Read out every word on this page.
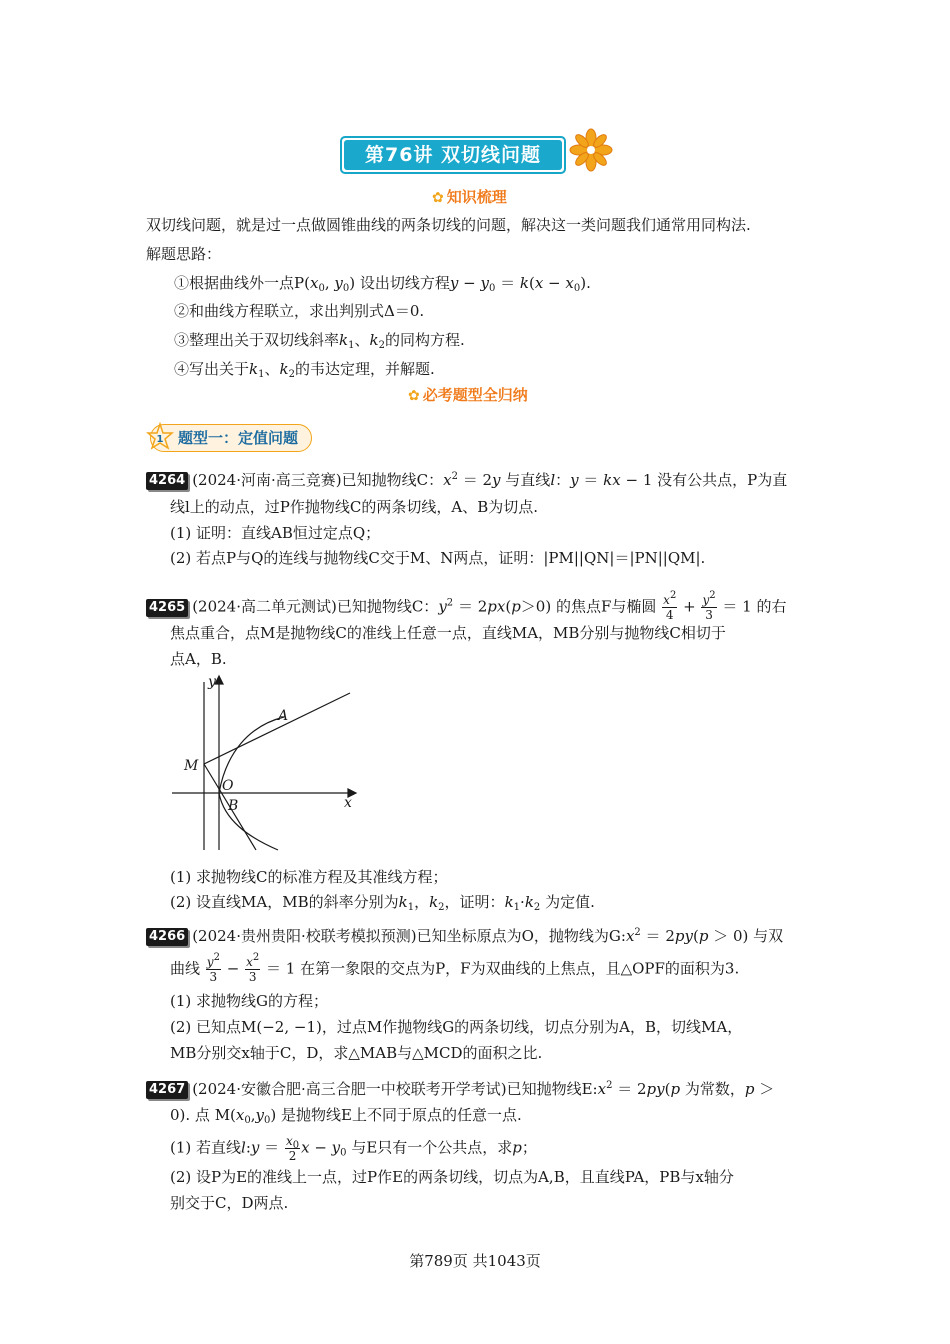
第76讲 双切线问题
✿ 知识梳理
双切线问题，就是过一点做圆锥曲线的两条切线的问题，解决这一类问题我们通常用同构法.
解题思路：
①根据曲线外一点$P(x_0$, $y_0$) 设出切线方程$y - y_0 = k(x - x_0)$.
②和曲线方程联立，求出判别式Δ＝0.
③整理出关于双切线斜率$k_1$、$k_2$的同构方程.
④写出关于$k_1$、$k_2$的韦达定理，并解题.
✿ 必考题型全归纳
1 题型一：定值问题
4264 (2024·河南·高三竞赛)已知抛物线C：$x^2 = 2y$ 与直线l：y ＝ kx − 1 没有公共点，P为直
线l上的动点，过P作抛物线C的两条切线，A、B为切点.
(1) 证明：直线AB恒过定点Q；
(2) 若点P与Q的连线与抛物线C交于M、N两点，证明：|PM||QN|＝|PN||QM|.
4265 (2024·高二单元测试)已知抛物线C：$y^2 = 2px(p>0)$ 的焦点F与椭圆 $\frac{x^2}{4} + \frac{y^2}{3} = 1$ 的右
焦点重合，点M是抛物线C的准线上任意一点，直线MA，MB分别与抛物线C相切于
点A，B.
y
x
A
M
O
B
(1) 求抛物线C的标准方程及其准线方程；
(2) 设直线MA，MB的斜率分别为$k_1$，$k_2$，证明：$k_1\cdot k_2$ 为定值.
4266 (2024·贵州贵阳·校联考模拟预测)已知坐标原点为O，抛物线为$G:x^2 = 2py(p > 0)$ 与双
曲线 $\frac{y^2}{3} - \frac{x^2}{3} = 1$ 在第一象限的交点为P，F为双曲线的上焦点，且△OPF的面积为3.
(1) 求抛物线G的方程；
(2) 已知点M(−2, −1)，过点M作抛物线G的两条切线，切点分别为A，B，切线MA，
MB分别交x轴于C，D，求△MAB与△MCD的面积之比.
4267 (2024·安徽合肥·高三合肥一中校联考开学考试)已知抛物线$E:x^2 = 2py(p$ 为常数，p ＞
0). 点 $M(x_0,y_0)$ 是抛物线E上不同于原点的任意一点.
(1) 若直线l:y ＝ $\frac{x_0}{2}$ $x - y_0$ 与E只有一个公共点，求p；
(2) 设P为E的准线上一点，过P作E的两条切线，切点为A,B，且直线PA，PB与x轴分
别交于C，D两点.
第789页 共1043页
